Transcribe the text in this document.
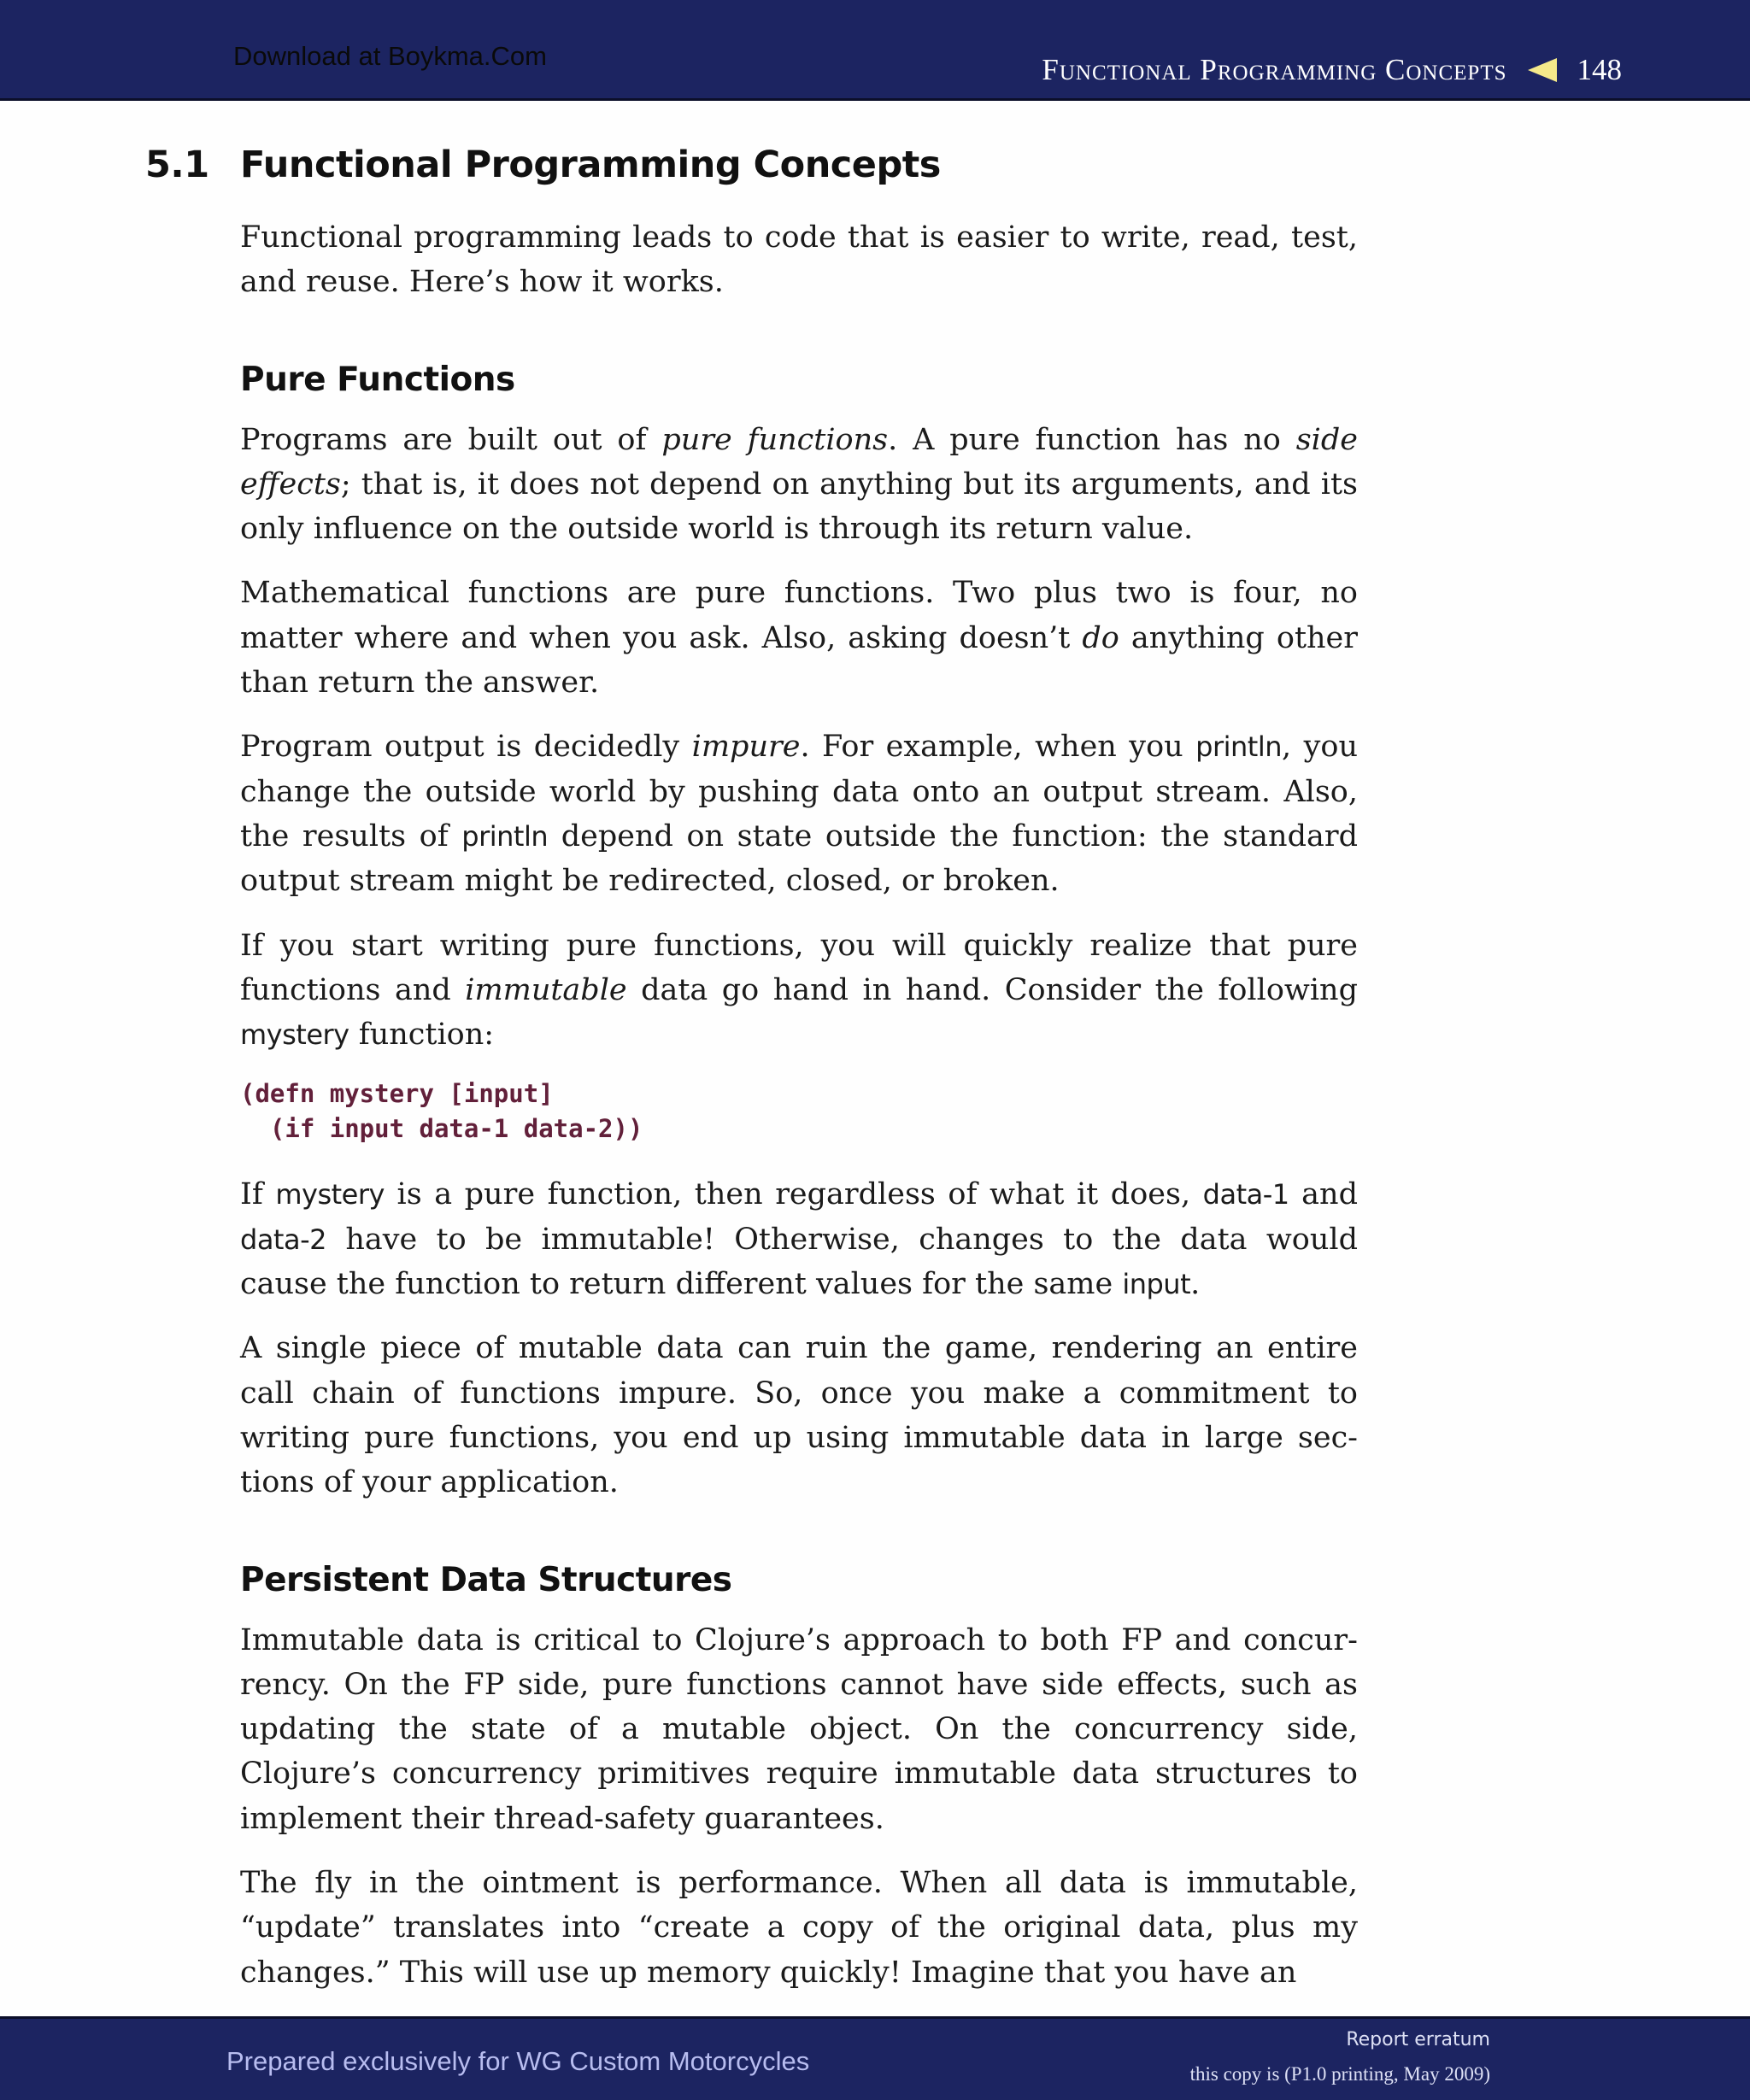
Download at Boykma.Com	Functional Programming Concepts 148
5.1 Functional Programming Concepts

Functional programming leads to code that is easier to write, read, test, and reuse. Here’s how it works.

Pure Functions

Programs are built out of pure functions. A pure function has no side effects; that is, it does not depend on anything but its arguments, and its only influence on the outside world is through its return value.

Mathematical functions are pure functions. Two plus two is four, no matter where and when you ask. Also, asking doesn’t do anything other than return the answer.

Program output is decidedly impure. For example, when you println, you change the outside world by pushing data onto an output stream. Also, the results of println depend on state outside the function: the standard output stream might be redirected, closed, or broken.

If you start writing pure functions, you will quickly realize that pure functions and immutable data go hand in hand. Consider the following mystery function:

(defn mystery [input]
(if input data-1 data-2))

If mystery is a pure function, then regardless of what it does, data-1 and data-2 have to be immutable! Otherwise, changes to the data would cause the function to return different values for the same input.

A single piece of mutable data can ruin the game, rendering an entire call chain of functions impure. So, once you make a commitment to writing pure functions, you end up using immutable data in large sections of your application.

Persistent Data Structures

Immutable data is critical to Clojure’s approach to both FP and concurrency. On the FP side, pure functions cannot have side effects, such as updating the state of a mutable object. On the concurrency side, Clojure’s concurrency primitives require immutable data structures to implement their thread-safety guarantees.

The fly in the ointment is performance. When all data is immutable, “update” translates into “create a copy of the original data, plus my changes.” This will use up memory quickly! Imagine that you have an

Prepared exclusively for WG Custom Motorcycles
Report erratum
this copy is (P1.0 printing, May 2009)
